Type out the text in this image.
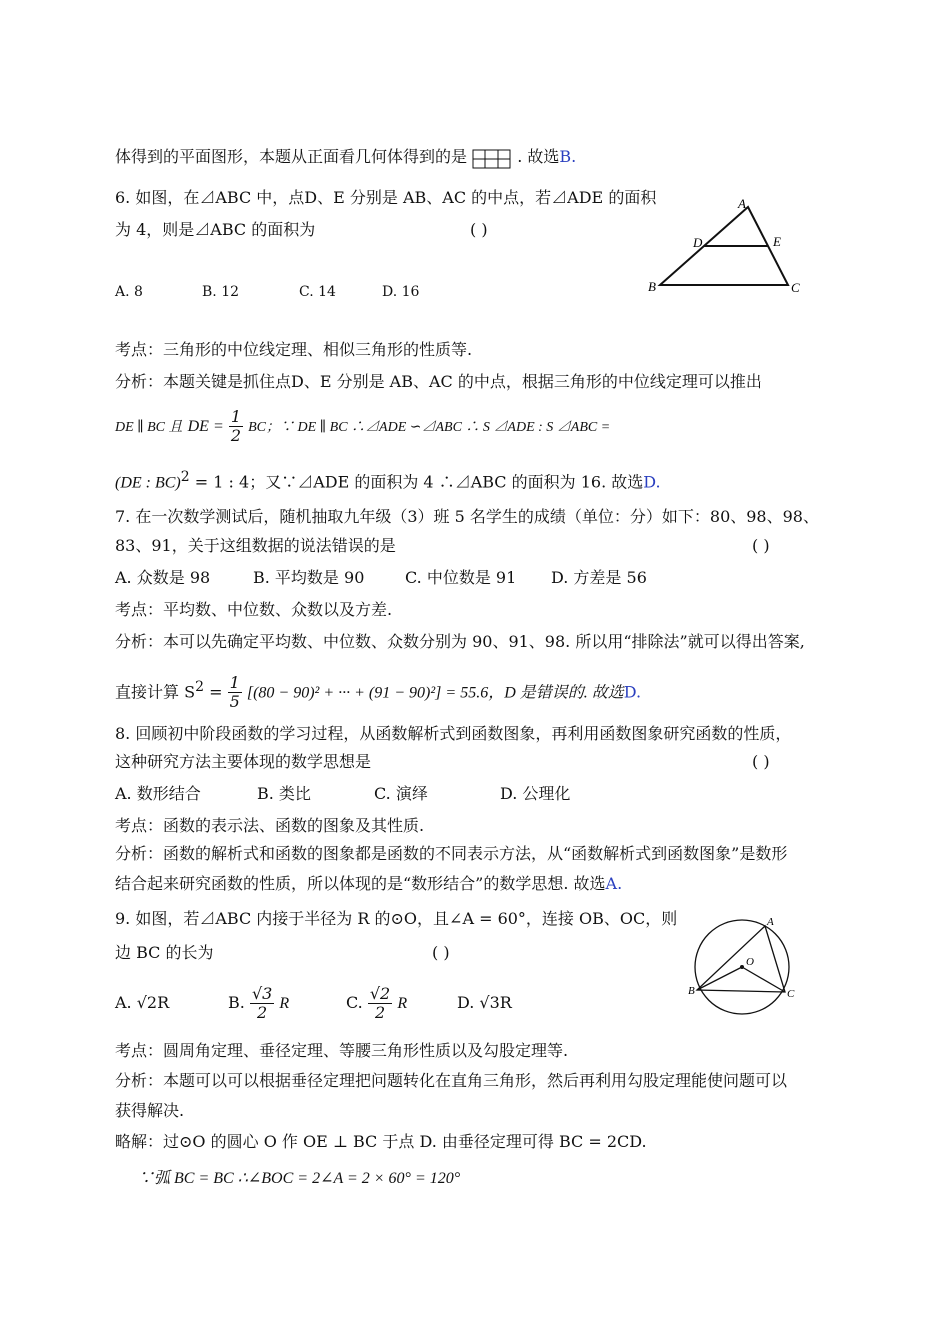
体得到的平面图形，本题从正面看几何体得到的是	. 故选B.
6. 如图，在⊿ABC 中，点D、E 分别是 AB、AC 的中点，若⊿ADE 的面积
为 4，则是⊿ABC 的面积为	( )
A
B	C
D	E
A. 8	B. 12	C. 14	D. 16
考点：三角形的中位线定理、相似三角形的性质等.
分析：本题关键是抓住点D、E 分别是 AB、AC 的中点，根据三角形的中位线定理可以推出
DE ∥ BC 且 DE = $\frac{1}{2}$ BC；∵ DE ∥ BC ∴⊿ADE ∽⊿ABC ∴ S ⊿ADE : S ⊿ABC =
(DE : BC)$^2$ = 1 : 4；又∵⊿ADE 的面积为 4 ∴⊿ABC 的面积为 16. 故选D.
7. 在一次数学测试后，随机抽取九年级（3）班 5 名学生的成绩（单位：分）如下：80、98、98、
83、91，关于这组数据的说法错误的是	( )
A. 众数是 98	B. 平均数是 90	C. 中位数是 91 D. 方差是 56
考点：平均数、中位数、众数以及方差.
分析：本可以先确定平均数、中位数、众数分别为 90、91、98. 所以用“排除法”就可以得出答案,
直接计算 $S^2 = \frac{1}{5} [(80 - 90)^2$ + ··· + (91 − 90)²] = 55.6，D 是错误的. 故选D.
8. 回顾初中阶段函数的学习过程，从函数解析式到函数图象，再利用函数图象研究函数的性质，
这种研究方法主要体现的数学思想是	( )
A. 数形结合	B. 类比	C. 演绎	D. 公理化
考点：函数的表示法、函数的图象及其性质.
分析：函数的解析式和函数的图象都是函数的不同表示方法，从“函数解析式到函数图象”是数形
结合起来研究函数的性质，所以体现的是“数形结合”的数学思想. 故选A.
9. 如图，若⊿ABC 内接于半径为 R 的⊙O，且∠A = 60°，连接 OB、OC，则
边 BC 的长为	( )
A
B	C
O
A. √2R	B. $\frac{√3}{2}$ R	C. $\frac{√2}{2}$ R	D. √3R
考点：圆周角定理、垂径定理、等腰三角形性质以及勾股定理等.
分析：本题可以可以根据垂径定理把问题转化在直角三角形，然后再利用勾股定理能使问题可以
获得解决.
略解：过⊙O 的圆心 O 作 OE ⊥ BC 于点 D. 由垂径定理可得 BC = 2CD.
∵弧 BC = BC ∴∠BOC = 2∠A = 2 × 60° = 120°
